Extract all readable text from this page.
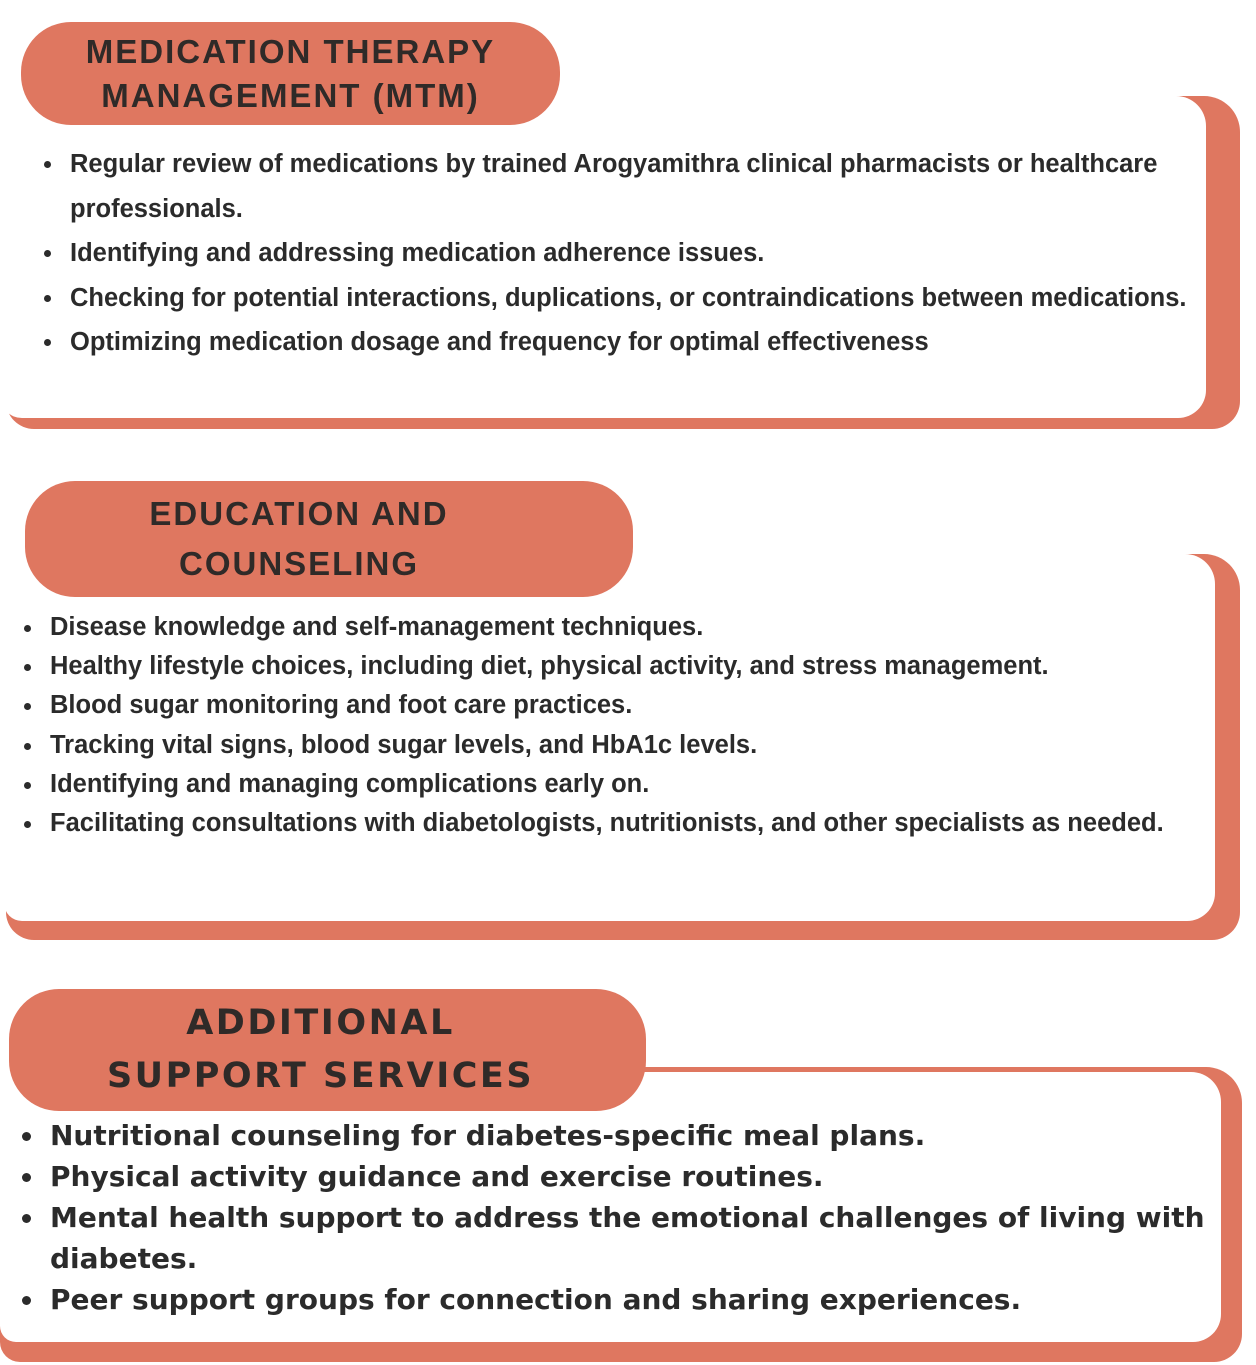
MEDICATION THERAPY
MANAGEMENT (MTM)
Regular review of medications by trained Arogyamithra clinical pharmacists or healthcare professionals.
Identifying and addressing medication adherence issues.
Checking for potential interactions, duplications, or contraindications between medications.
Optimizing medication dosage and frequency for optimal effectiveness
EDUCATION AND
COUNSELING
Disease knowledge and self-management techniques.
Healthy lifestyle choices, including diet, physical activity, and stress management.
Blood sugar monitoring and foot care practices.
Tracking vital signs, blood sugar levels, and HbA1c levels.
Identifying and managing complications early on.
Facilitating consultations with diabetologists, nutritionists, and other specialists as needed.
ADDITIONAL
SUPPORT SERVICES
Nutritional counseling for diabetes-specific meal plans.
Physical activity guidance and exercise routines.
Mental health support to address the emotional challenges of living with diabetes.
Peer support groups for connection and sharing experiences.
